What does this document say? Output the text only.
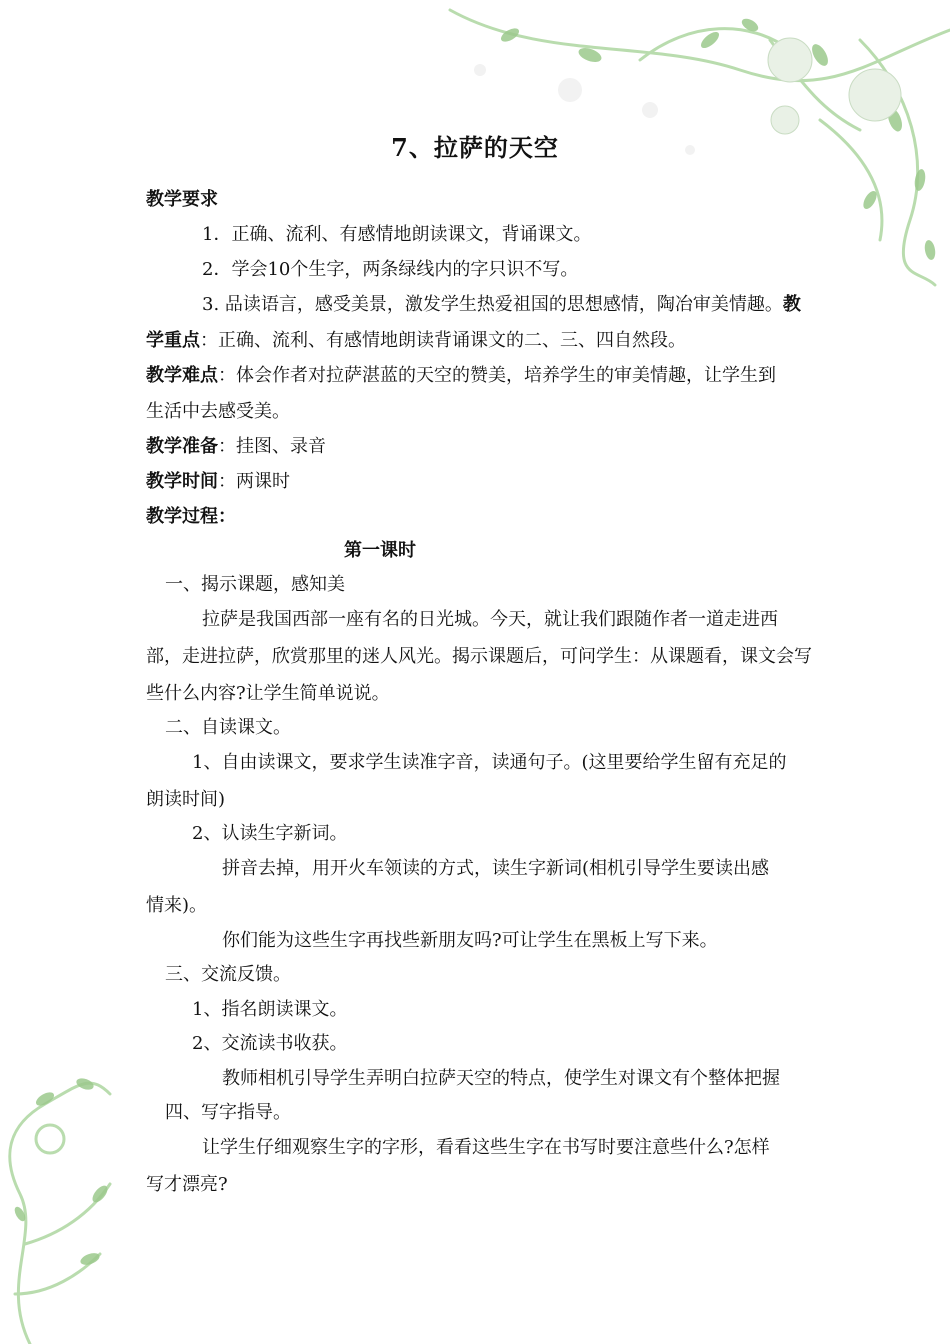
7、拉萨的天空
教学要求
1．正确、流利、有感情地朗读课文，背诵课文。
2．学会10个生字，两条绿线内的字只识不写。
3. 品读语言，感受美景，激发学生热爱祖国的思想感情，陶冶审美情趣。教
学重点：正确、流利、有感情地朗读背诵课文的二、三、四自然段。
教学难点：体会作者对拉萨湛蓝的天空的赞美，培养学生的审美情趣，让学生到
生活中去感受美。
教学准备：挂图、录音
教学时间：两课时
教学过程：
第一课时
一、揭示课题，感知美
拉萨是我国西部一座有名的日光城。今天，就让我们跟随作者一道走进西
部，走进拉萨，欣赏那里的迷人风光。揭示课题后，可问学生：从课题看，课文会写
些什么内容?让学生简单说说。
二、自读课文。
1、自由读课文，要求学生读准字音，读通句子。(这里要给学生留有充足的
朗读时间)
2、认读生字新词。
拼音去掉，用开火车领读的方式，读生字新词(相机引导学生要读出感
情来)。
你们能为这些生字再找些新朋友吗?可让学生在黑板上写下来。
三、交流反馈。
1、指名朗读课文。
2、交流读书收获。
教师相机引导学生弄明白拉萨天空的特点，使学生对课文有个整体把握
四、写字指导。
让学生仔细观察生字的字形，看看这些生字在书写时要注意些什么?怎样
写才漂亮?
